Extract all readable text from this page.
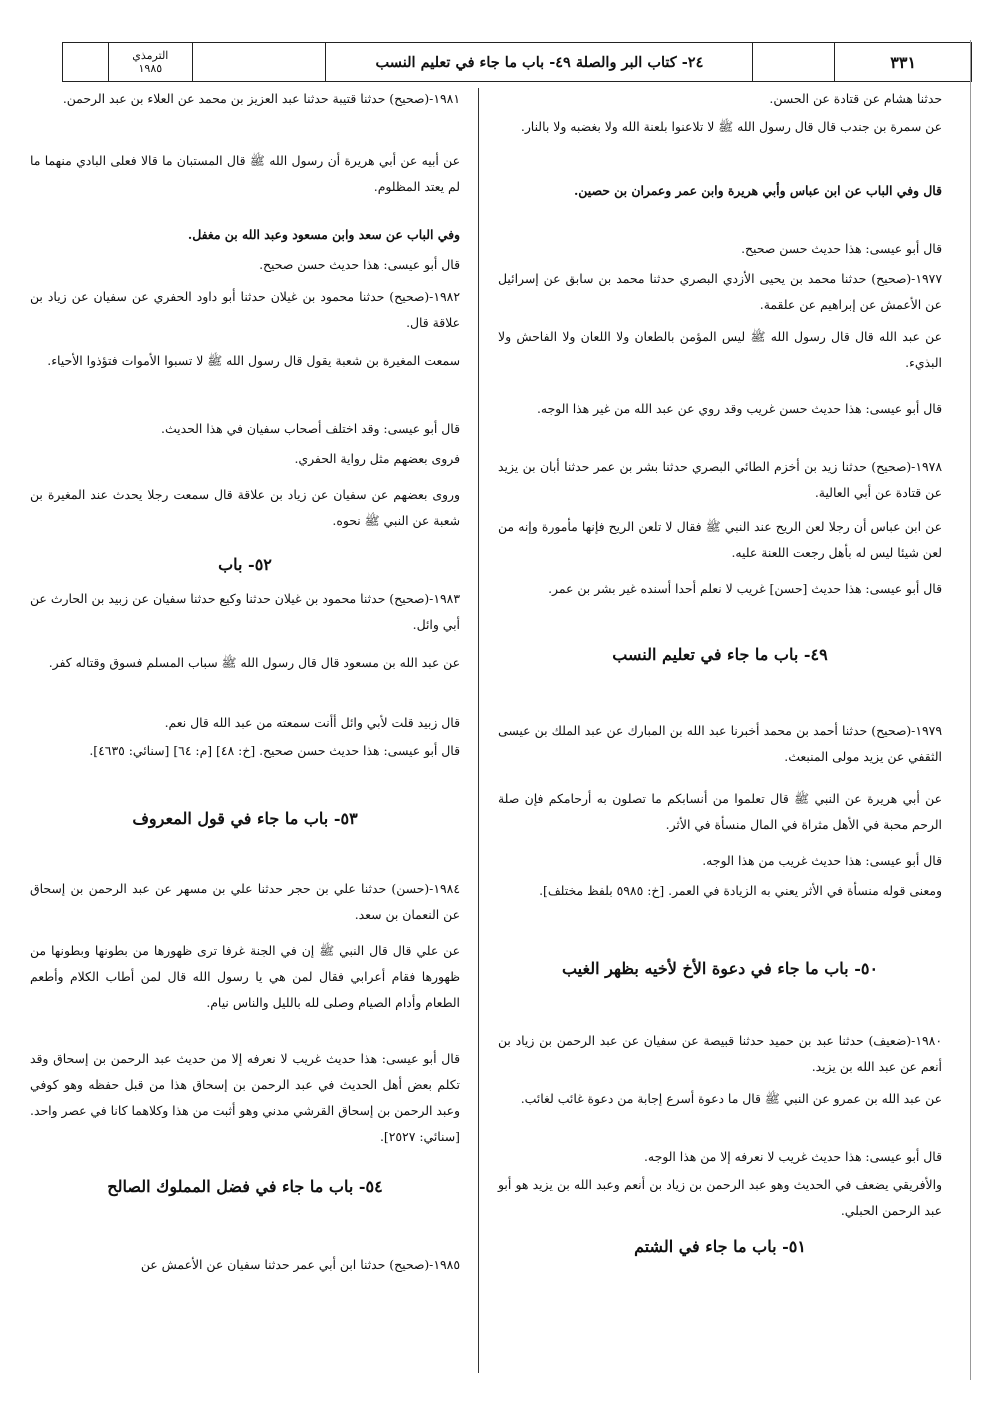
الترمذي
١٩٨٥	٢٤- كتاب البر والصلة ٤٩- باب ما جاء في تعليم النسب	٣٣١

حدثنا هشام عن قتادة عن الحسن.

عن سمرة بن جندب قال قال رسول الله ﷺ لا تلاعنوا بلعنة الله ولا بغضبه ولا بالنار.

قال وفي الباب عن ابن عباس وأبي هريرة وابن عمر وعمران بن حصين.

قال أبو عيسى: هذا حديث حسن صحيح.

١٩٧٧-(صحيح) حدثنا محمد بن يحيى الأزدي البصري حدثنا محمد بن سابق عن إسرائيل عن الأعمش عن إبراهيم عن علقمة.

عن عبد الله قال قال رسول الله ﷺ ليس المؤمن بالطعان ولا اللعان ولا الفاحش ولا البذيء.

قال أبو عيسى: هذا حديث حسن غريب وقد روي عن عبد الله من غير هذا الوجه.

١٩٧٨-(صحيح) حدثنا زيد بن أخزم الطائي البصري حدثنا بشر بن عمر حدثنا أبان بن يزيد عن قتادة عن أبي العالية.

عن ابن عباس أن رجلا لعن الريح عند النبي ﷺ فقال لا تلعن الريح فإنها مأمورة وإنه من لعن شيئا ليس له بأهل رجعت اللعنة عليه.

قال أبو عيسى: هذا حديث [حسن] غريب لا نعلم أحدا أسنده غير بشر بن عمر.

٤٩- باب ما جاء في تعليم النسب

١٩٧٩-(صحيح) حدثنا أحمد بن محمد أخبرنا عبد الله بن المبارك عن عبد الملك بن عيسى الثقفي عن يزيد مولى المنبعث.

عن أبي هريرة عن النبي ﷺ قال تعلموا من أنسابكم ما تصلون به أرحامكم فإن صلة الرحم محبة في الأهل مثراة في المال منسأة في الأثر.

قال أبو عيسى: هذا حديث غريب من هذا الوجه.

ومعنى قوله منسأة في الأثر يعني به الزيادة في العمر. [خ: ٥٩٨٥ بلفظ مختلف].

٥٠- باب ما جاء في دعوة الأخ لأخيه بظهر الغيب

١٩٨٠-(ضعيف) حدثنا عبد بن حميد حدثنا قبيصة عن سفيان عن عبد الرحمن بن زياد بن أنعم عن عبد الله بن يزيد.

عن عبد الله بن عمرو عن النبي ﷺ قال ما دعوة أسرع إجابة من دعوة غائب لغائب.

قال أبو عيسى: هذا حديث غريب لا نعرفه إلا من هذا الوجه.

والأفريقي يضعف في الحديث وهو عبد الرحمن بن زياد بن أنعم وعبد الله بن يزيد هو أبو عبد الرحمن الحبلي.

٥١- باب ما جاء في الشتم

١٩٨١-(صحيح) حدثنا قتيبة حدثنا عبد العزيز بن محمد عن العلاء بن عبد الرحمن.

عن أبيه عن أبي هريرة أن رسول الله ﷺ قال المستبان ما قالا فعلى البادي منهما ما لم يعتد المظلوم.

وفي الباب عن سعد وابن مسعود وعبد الله بن مغفل.

قال أبو عيسى: هذا حديث حسن صحيح.

١٩٨٢-(صحيح) حدثنا محمود بن غيلان حدثنا أبو داود الحفري عن سفيان عن زياد بن علاقة قال.

سمعت المغيرة بن شعبة يقول قال رسول الله ﷺ لا تسبوا الأموات فتؤذوا الأحياء.

قال أبو عيسى: وقد اختلف أصحاب سفيان في هذا الحديث.

فروى بعضهم مثل رواية الحفري.

وروى بعضهم عن سفيان عن زياد بن علاقة قال سمعت رجلا يحدث عند المغيرة بن شعبة عن النبي ﷺ نحوه.

٥٢- باب

١٩٨٣-(صحيح) حدثنا محمود بن غيلان حدثنا وكيع حدثنا سفيان عن زبيد بن الحارث عن أبي وائل.

عن عبد الله بن مسعود قال قال رسول الله ﷺ سباب المسلم فسوق وقتاله كفر.

قال زبيد قلت لأبي وائل أأنت سمعته من عبد الله قال نعم.

قال أبو عيسى: هذا حديث حسن صحيح. [خ: ٤٨] [م: ٦٤] [سنائي: ٤٦٣٥].

٥٣- باب ما جاء في قول المعروف

١٩٨٤-(حسن) حدثنا علي بن حجر حدثنا علي بن مسهر عن عبد الرحمن بن إسحاق عن النعمان بن سعد.

عن علي قال قال النبي ﷺ إن في الجنة غرفا ترى ظهورها من بطونها وبطونها من ظهورها فقام أعرابي فقال لمن هي يا رسول الله قال لمن أطاب الكلام وأطعم الطعام وأدام الصيام وصلى لله بالليل والناس نيام.

قال أبو عيسى: هذا حديث غريب لا نعرفه إلا من حديث عبد الرحمن بن إسحاق وقد تكلم بعض أهل الحديث في عبد الرحمن بن إسحاق هذا من قبل حفظه وهو كوفي وعبد الرحمن بن إسحاق القرشي مدني وهو أثبت من هذا وكلاهما كانا في عصر واحد. [سنائي: ٢٥٢٧].

٥٤- باب ما جاء في فضل المملوك الصالح

١٩٨٥-(صحيح) حدثنا ابن أبي عمر حدثنا سفيان عن الأعمش عن
